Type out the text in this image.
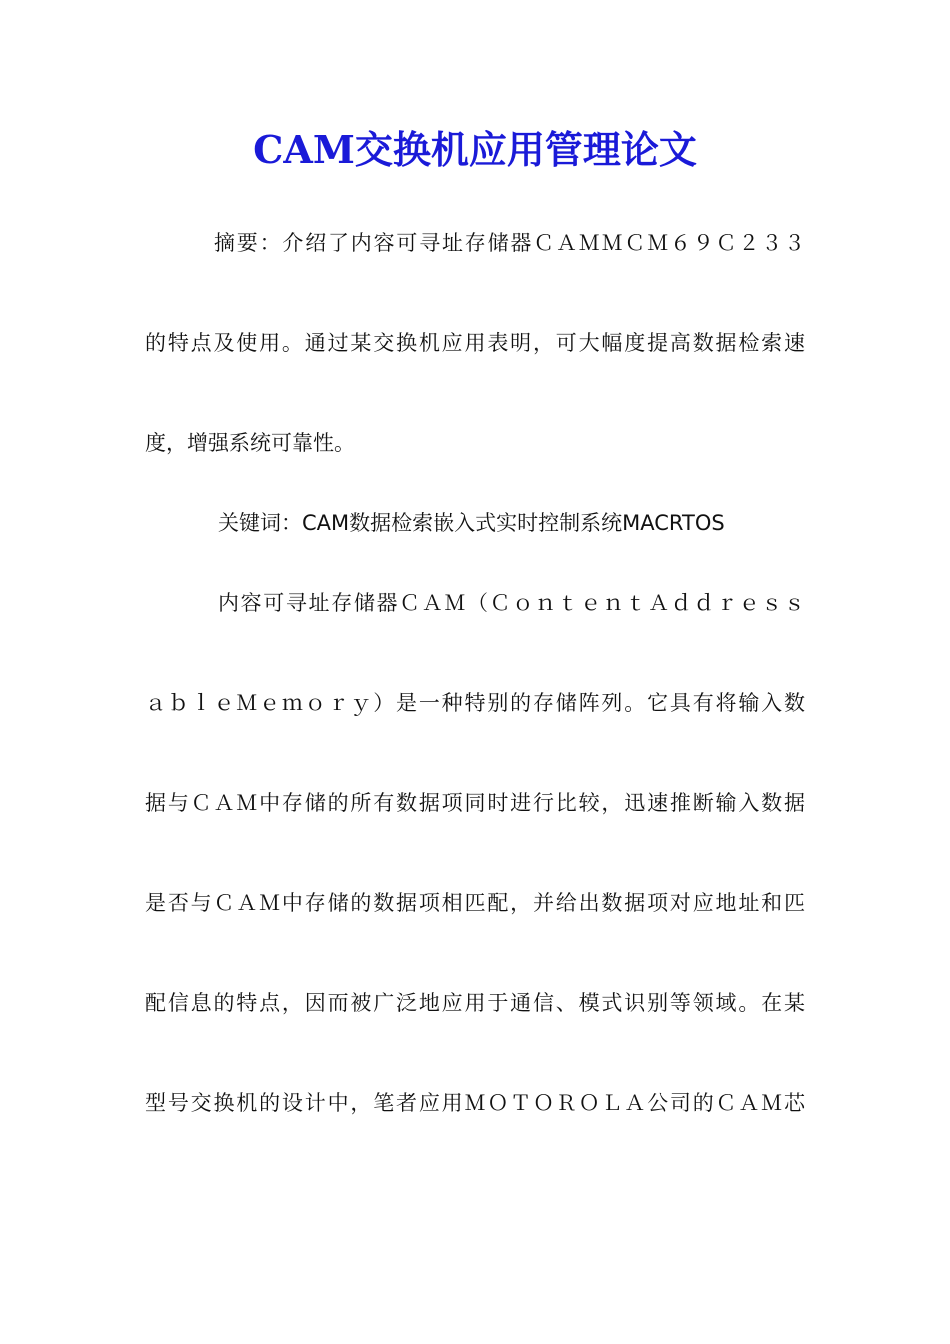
CAM交换机应用管理论文
摘要：介绍了内容可寻址存储器ＣＡＭＭＣＭ６９Ｃ２３３
的特点及使用。通过某交换机应用表明，可大幅度提高数据检索速
度，增强系统可靠性。
关键词：CAM数据检索嵌入式实时控制系统MACRTOS
内容可寻址存储器ＣＡＭ（ＣｏｎｔｅｎｔＡｄｄｒｅｓｓ
ａｂｌｅＭｅｍｏｒｙ）是一种特别的存储阵列。它具有将输入数
据与ＣＡＭ中存储的所有数据项同时进行比较，迅速推断输入数据
是否与ＣＡＭ中存储的数据项相匹配，并给出数据项对应地址和匹
配信息的特点，因而被广泛地应用于通信、模式识别等领域。在某
型号交换机的设计中，笔者应用ＭＯＴＯＲＯＬＡ公司的ＣＡＭ芯
